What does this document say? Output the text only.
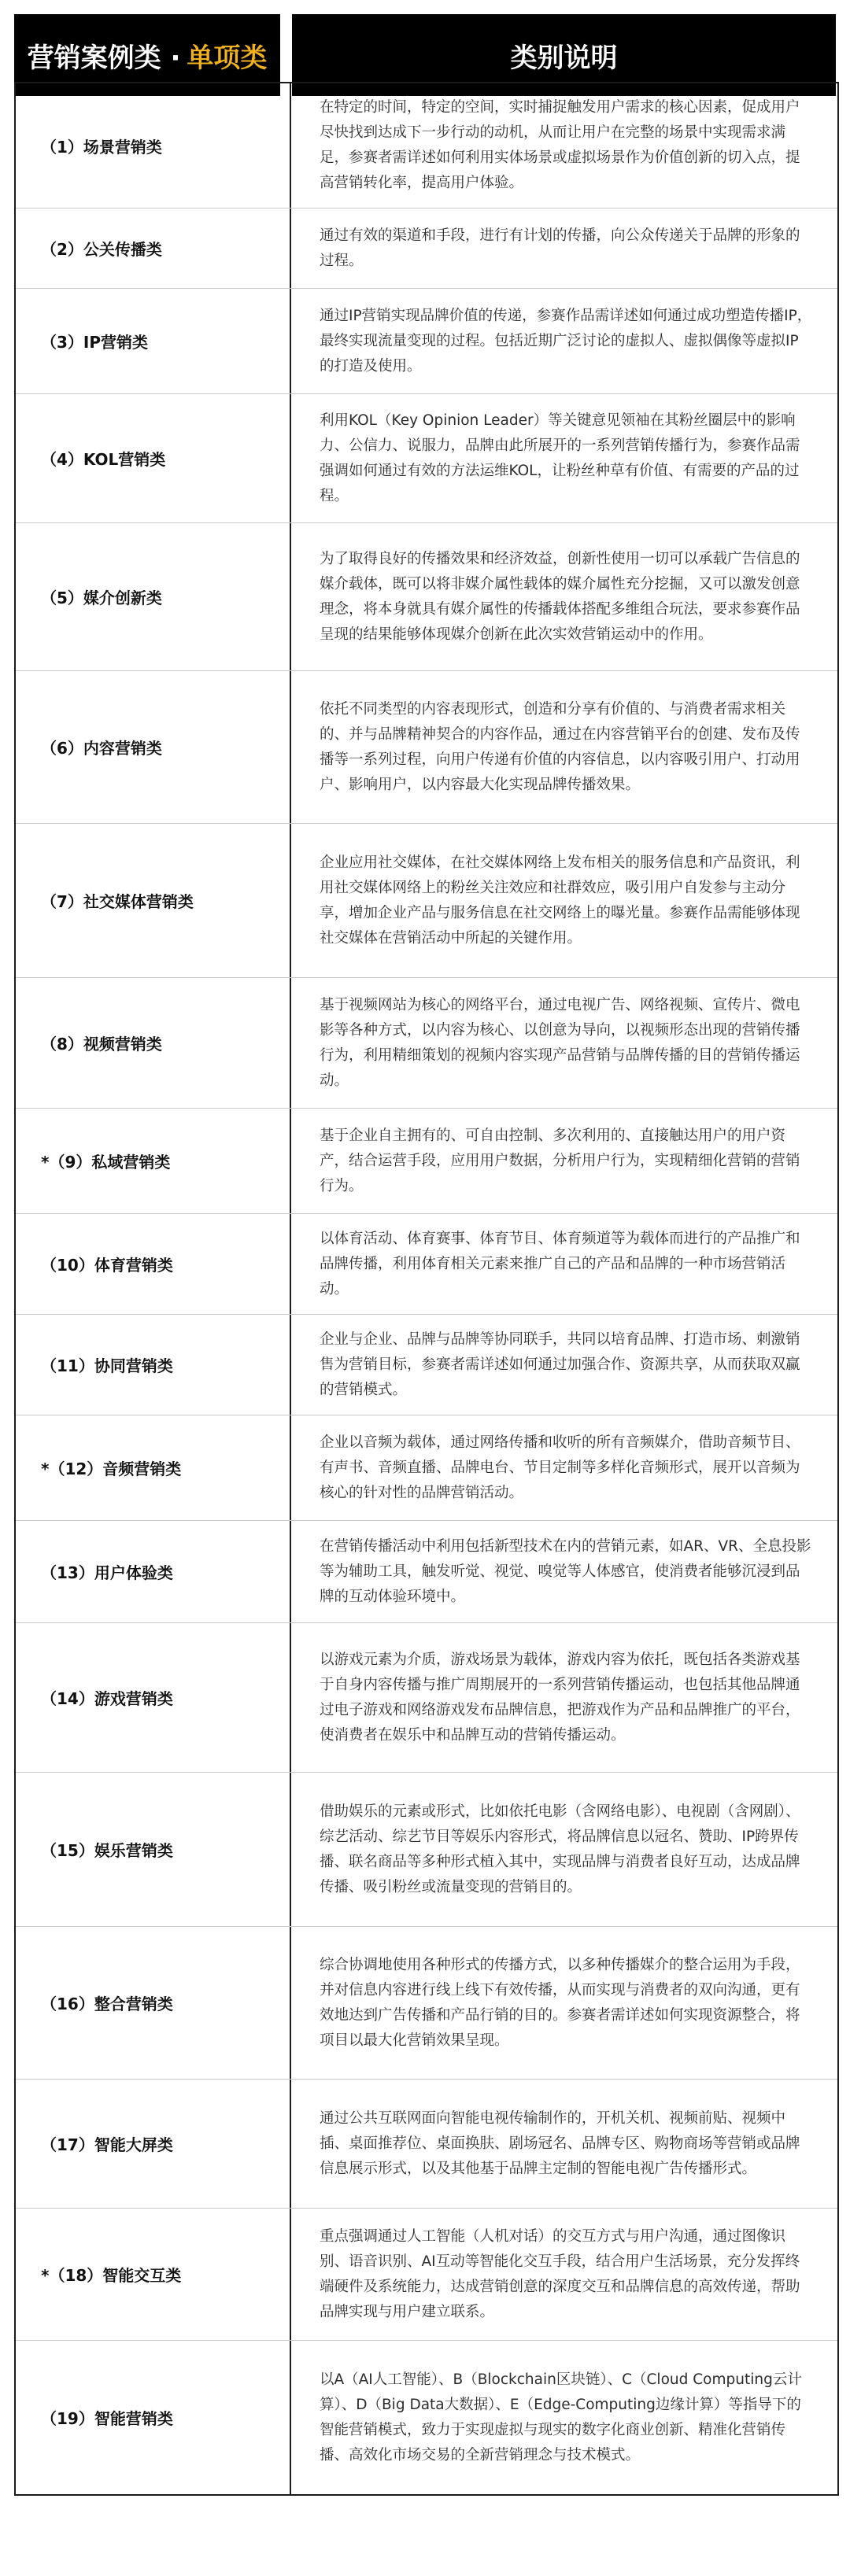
营销案例类 · 单项类	类别说明
（1）场景营销类
在特定的时间，特定的空间，实时捕捉触发用户需求的核心因素，促成用户尽快找到达成下一步行动的动机，从而让用户在完整的场景中实现需求满足，参赛者需详述如何利用实体场景或虚拟场景作为价值创新的切入点，提高营销转化率，提高用户体验。
（2）公关传播类
通过有效的渠道和手段，进行有计划的传播，向公众传递关于品牌的形象的过程。
（3）IP营销类
通过IP营销实现品牌价值的传递，参赛作品需详述如何通过成功塑造传播IP，最终实现流量变现的过程。包括近期广泛讨论的虚拟人、虚拟偶像等虚拟IP的打造及使用。
（4）KOL营销类
利用KOL（Key Opinion Leader）等关键意见领袖在其粉丝圈层中的影响力、公信力、说服力，品牌由此所展开的一系列营销传播行为，参赛作品需强调如何通过有效的方法运维KOL，让粉丝种草有价值、有需要的产品的过程。
（5）媒介创新类
为了取得良好的传播效果和经济效益，创新性使用一切可以承载广告信息的媒介载体，既可以将非媒介属性载体的媒介属性充分挖掘，又可以激发创意理念，将本身就具有媒介属性的传播载体搭配多维组合玩法，要求参赛作品呈现的结果能够体现媒介创新在此次实效营销运动中的作用。
（6）内容营销类
依托不同类型的内容表现形式，创造和分享有价值的、与消费者需求相关的、并与品牌精神契合的内容作品，通过在内容营销平台的创建、发布及传播等一系列过程，向用户传递有价值的内容信息，以内容吸引用户、打动用户、影响用户，以内容最大化实现品牌传播效果。
（7）社交媒体营销类
企业应用社交媒体，在社交媒体网络上发布相关的服务信息和产品资讯，利用社交媒体网络上的粉丝关注效应和社群效应，吸引用户自发参与主动分享，增加企业产品与服务信息在社交网络上的曝光量。参赛作品需能够体现社交媒体在营销活动中所起的关键作用。
（8）视频营销类
基于视频网站为核心的网络平台，通过电视广告、网络视频、宣传片、微电影等各种方式，以内容为核心、以创意为导向，以视频形态出现的营销传播行为，利用精细策划的视频内容实现产品营销与品牌传播的目的营销传播运动。
*（9）私域营销类
基于企业自主拥有的、可自由控制、多次利用的、直接触达用户的用户资产，结合运营手段，应用用户数据，分析用户行为，实现精细化营销的营销行为。
（10）体育营销类
以体育活动、体育赛事、体育节目、体育频道等为载体而进行的产品推广和品牌传播，利用体育相关元素来推广自己的产品和品牌的一种市场营销活动。
（11）协同营销类
企业与企业、品牌与品牌等协同联手，共同以培育品牌、打造市场、刺激销售为营销目标，参赛者需详述如何通过加强合作、资源共享，从而获取双赢的营销模式。
*（12）音频营销类
企业以音频为载体，通过网络传播和收听的所有音频媒介，借助音频节目、有声书、音频直播、品牌电台、节目定制等多样化音频形式，展开以音频为核心的针对性的品牌营销活动。
（13）用户体验类
在营销传播活动中利用包括新型技术在内的营销元素，如AR、VR、全息投影等为辅助工具，触发听觉、视觉、嗅觉等人体感官，使消费者能够沉浸到品牌的互动体验环境中。
（14）游戏营销类
以游戏元素为介质，游戏场景为载体，游戏内容为依托，既包括各类游戏基于自身内容传播与推广周期展开的一系列营销传播运动，也包括其他品牌通过电子游戏和网络游戏发布品牌信息，把游戏作为产品和品牌推广的平台，使消费者在娱乐中和品牌互动的营销传播运动。
（15）娱乐营销类
借助娱乐的元素或形式，比如依托电影（含网络电影）、电视剧（含网剧）、综艺活动、综艺节目等娱乐内容形式，将品牌信息以冠名、赞助、IP跨界传播、联名商品等多种形式植入其中，实现品牌与消费者良好互动，达成品牌传播、吸引粉丝或流量变现的营销目的。
（16）整合营销类
综合协调地使用各种形式的传播方式，以多种传播媒介的整合运用为手段，并对信息内容进行线上线下有效传播，从而实现与消费者的双向沟通，更有效地达到广告传播和产品行销的目的。参赛者需详述如何实现资源整合，将项目以最大化营销效果呈现。
（17）智能大屏类
通过公共互联网面向智能电视传输制作的，开机关机、视频前贴、视频中插、桌面推荐位、桌面换肤、剧场冠名、品牌专区、购物商场等营销或品牌信息展示形式，以及其他基于品牌主定制的智能电视广告传播形式。
*（18）智能交互类
重点强调通过人工智能（人机对话）的交互方式与用户沟通，通过图像识别、语音识别、AI互动等智能化交互手段，结合用户生活场景，充分发挥终端硬件及系统能力，达成营销创意的深度交互和品牌信息的高效传递，帮助品牌实现与用户建立联系。
（19）智能营销类
以A（AI人工智能）、B（Blockchain区块链）、C（Cloud Computing云计算）、D（Big Data大数据）、E（Edge-Computing边缘计算）等指导下的智能营销模式，致力于实现虚拟与现实的数字化商业创新、精准化营销传播、高效化市场交易的全新营销理念与技术模式。
